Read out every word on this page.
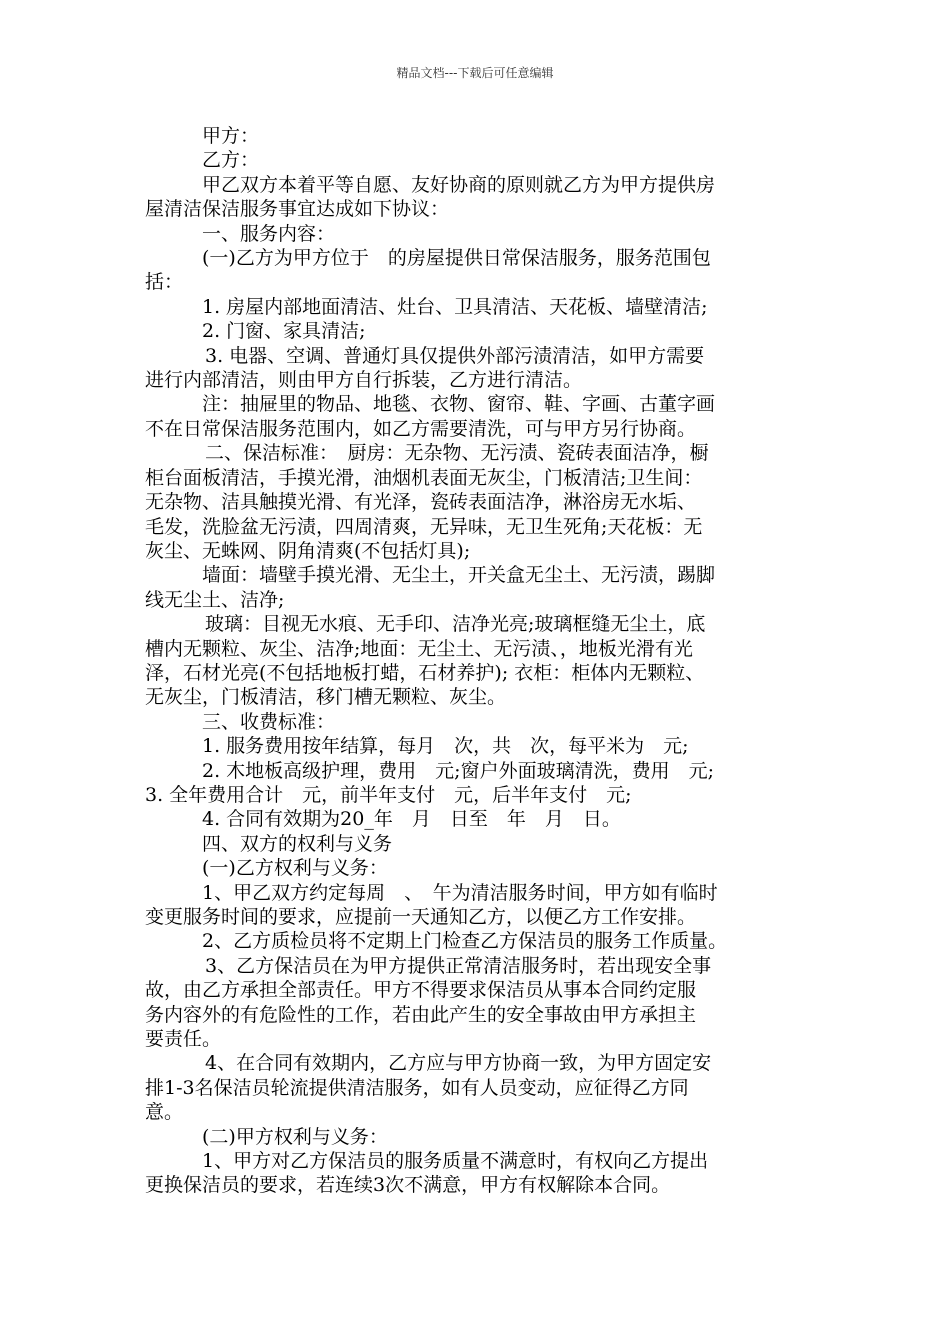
精品文档---下载后可任意编辑

甲方：

乙方：

甲乙双方本着平等自愿、友好协商的原则就乙方为甲方提供房

屋清洁保洁服务事宜达成如下协议：

一、服务内容：

(一)乙方为甲方位于　的房屋提供日常保洁服务，服务范围包

括：

1. 房屋内部地面清洁、灶台、卫具清洁、天花板、墙壁清洁;

2. 门窗、家具清洁;

3. 电器、空调、普通灯具仅提供外部污渍清洁，如甲方需要

进行内部清洁，则由甲方自行拆装，乙方进行清洁。

注：抽屉里的物品、地毯、衣物、窗帘、鞋、字画、古董字画

不在日常保洁服务范围内，如乙方需要清洗，可与甲方另行协商。

二、保洁标准：　厨房：无杂物、无污渍、瓷砖表面洁净，橱

柜台面板清洁，手摸光滑，油烟机表面无灰尘，门板清洁;卫生间：

无杂物、洁具触摸光滑、有光泽，瓷砖表面洁净，淋浴房无水垢、

毛发，洗脸盆无污渍，四周清爽，无异味，无卫生死角;天花板：无

灰尘、无蛛网、阴角清爽(不包括灯具);

墙面：墙壁手摸光滑、无尘土，开关盒无尘土、无污渍，踢脚

线无尘土、洁净;

玻璃：目视无水痕、无手印、洁净光亮;玻璃框缝无尘土，底

槽内无颗粒、灰尘、洁净;地面：无尘土、无污渍、，地板光滑有光

泽，石材光亮(不包括地板打蜡，石材养护); 衣柜：柜体内无颗粒、

无灰尘，门板清洁，移门槽无颗粒、灰尘。

三、收费标准：

1. 服务费用按年结算，每月　次，共　次，每平米为　元;

2. 木地板高级护理，费用　元;窗户外面玻璃清洗，费用　元;

3. 全年费用合计　元，前半年支付　元，后半年支付　元;

4. 合同有效期为20_年　月　日至　年　月　日。

四、双方的权利与义务

(一)乙方权利与义务：

1、甲乙双方约定每周　、　午为清洁服务时间，甲方如有临时

变更服务时间的要求，应提前一天通知乙方，以便乙方工作安排。

2、乙方质检员将不定期上门检查乙方保洁员的服务工作质量。

3、乙方保洁员在为甲方提供正常清洁服务时，若出现安全事

故，由乙方承担全部责任。甲方不得要求保洁员从事本合同约定服

务内容外的有危险性的工作，若由此产生的安全事故由甲方承担主

要责任。

4、在合同有效期内，乙方应与甲方协商一致，为甲方固定安

排1-3名保洁员轮流提供清洁服务，如有人员变动，应征得乙方同

意。

(二)甲方权利与义务：

1、甲方对乙方保洁员的服务质量不满意时，有权向乙方提出

更换保洁员的要求，若连续3次不满意，甲方有权解除本合同。
